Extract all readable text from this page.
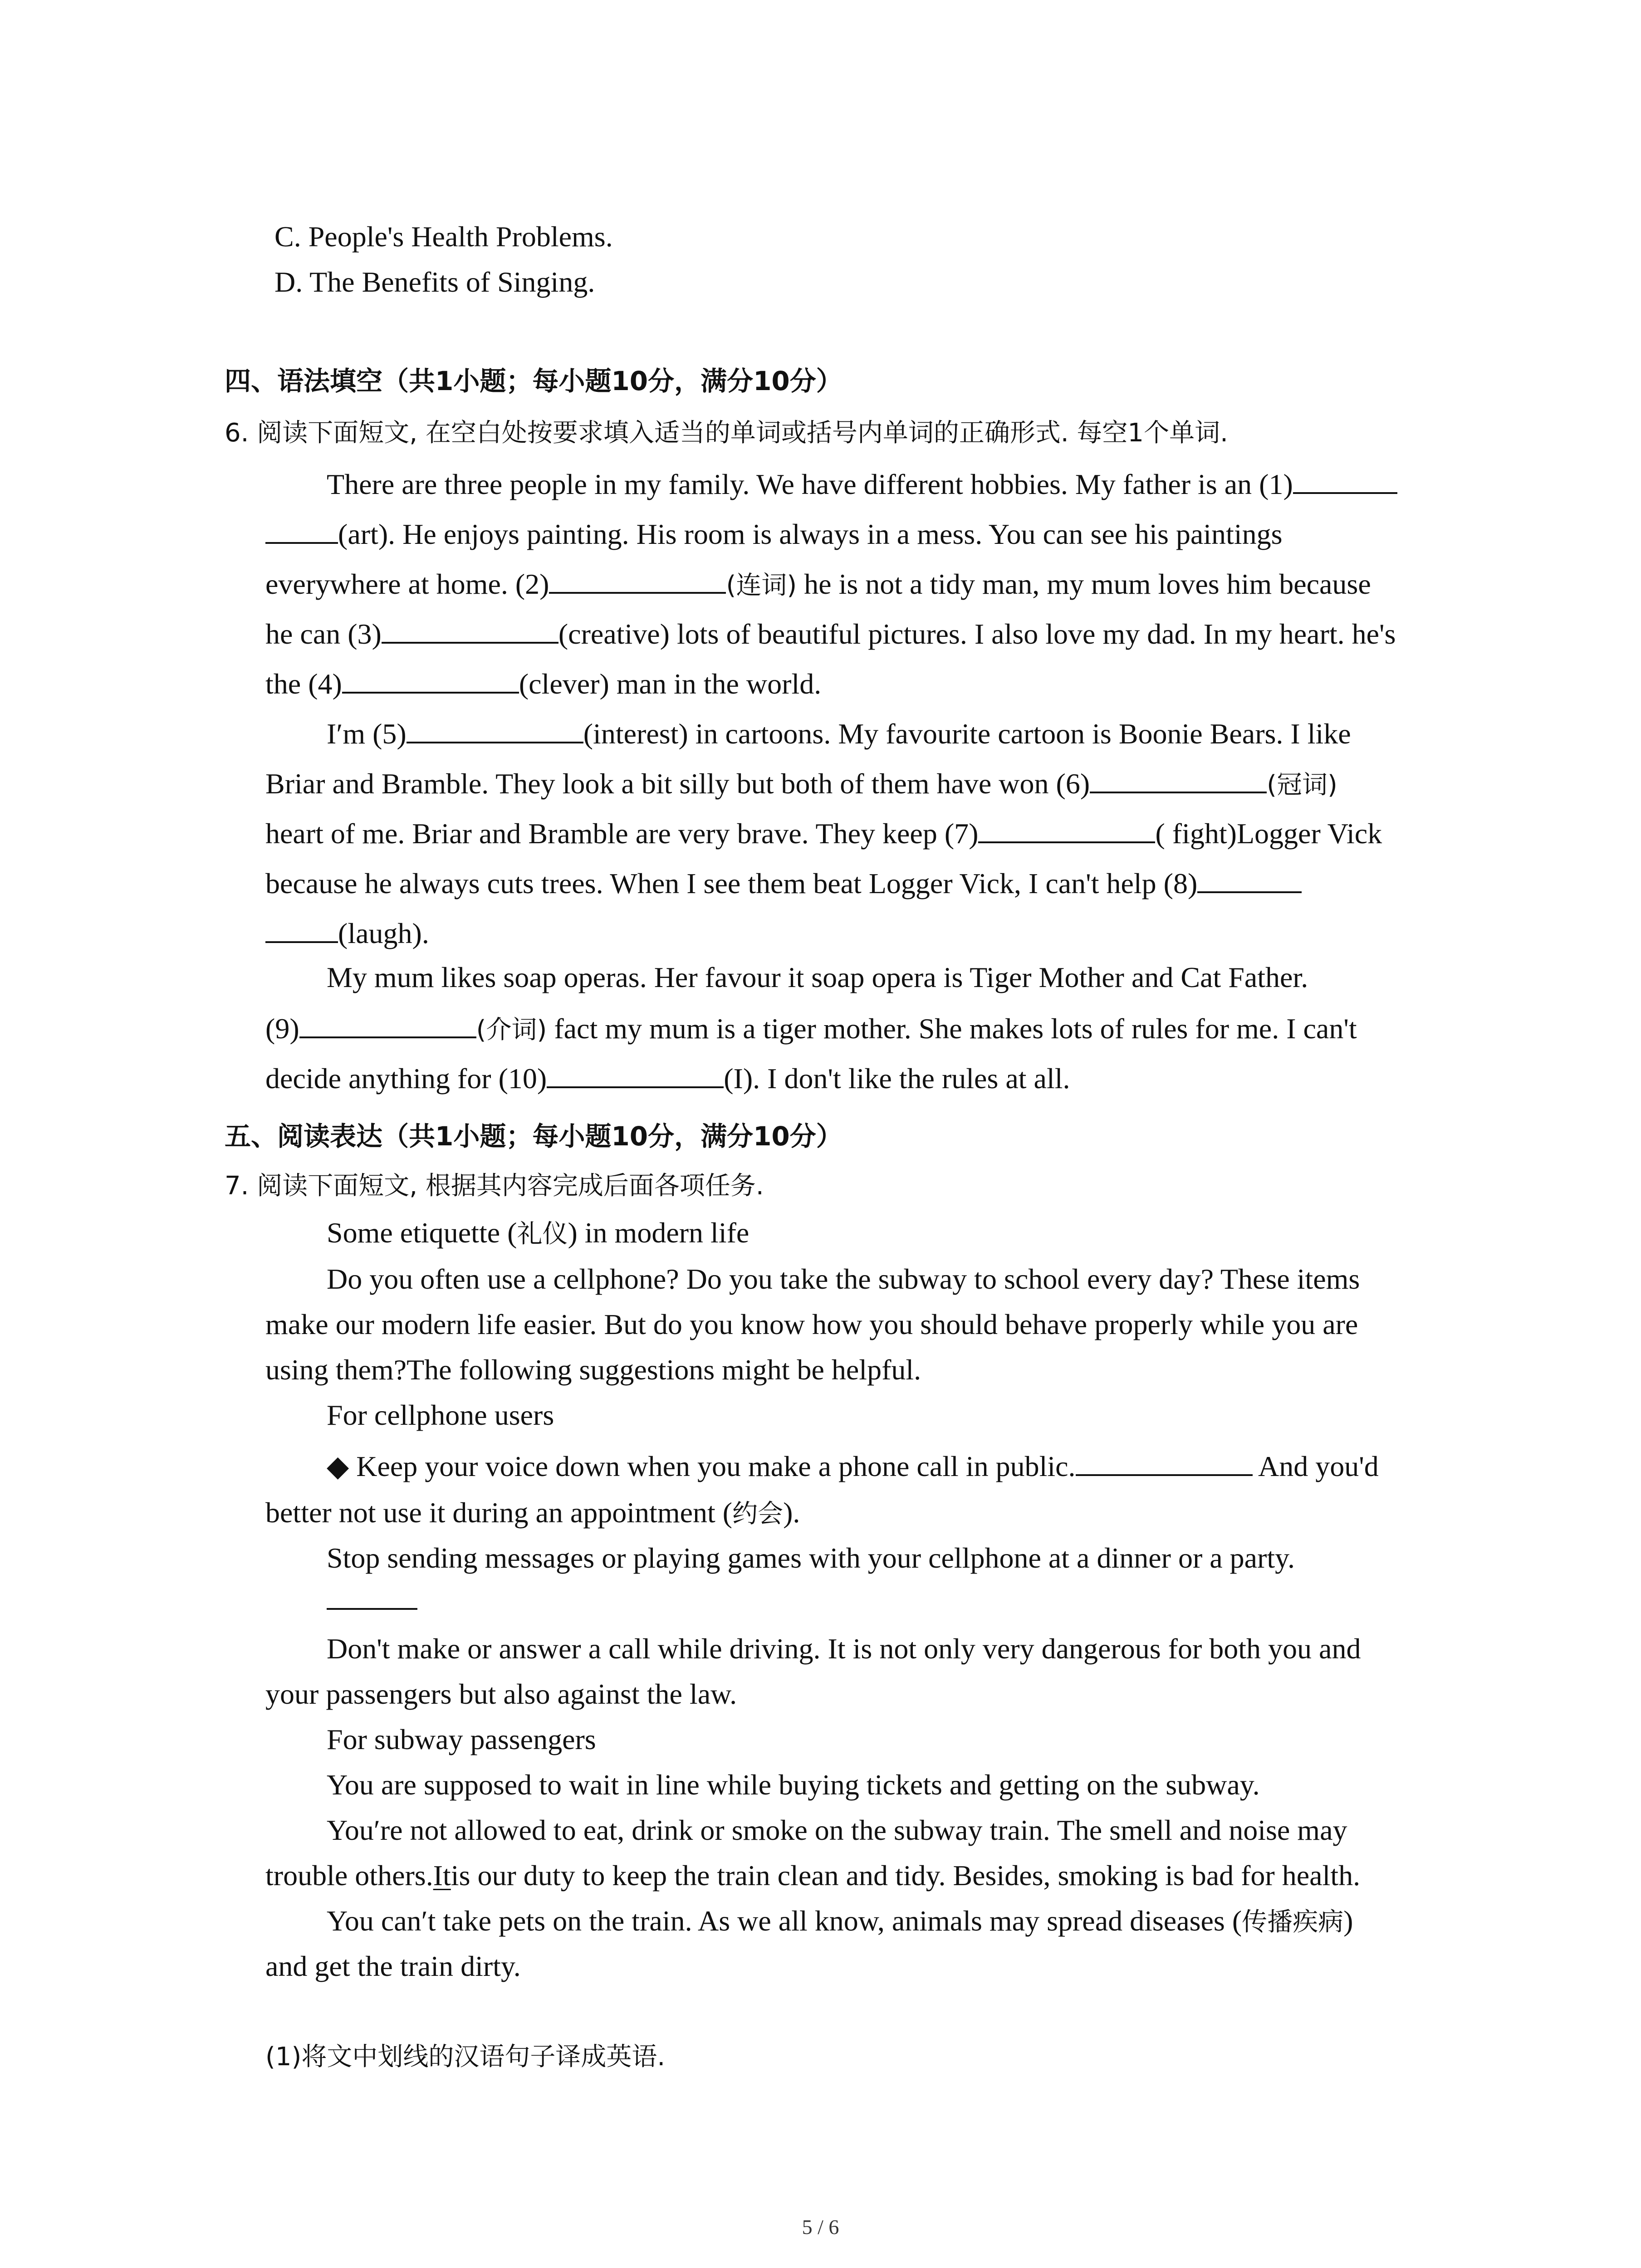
C. People's Health Problems.
D. The Benefits of Singing.
四、语法填空（共1小题；每小题10分，满分10分）
6. 阅读下面短文, 在空白处按要求填入适当的单词或括号内单词的正确形式. 每空1个单词.
There are three people in my family. We have different hobbies. My father is an (1)
(art). He enjoys painting. His room is always in a mess. You can see his paintings
everywhere at home. (2)	(连词) he is not a tidy man, my mum loves him because
he can (3)	(creative) lots of beautiful pictures. I also love my dad. In my heart. he's
the (4)	(clever) man in the world.
I′m (5)	(interest) in cartoons. My favourite cartoon is Boonie Bears. I like
Briar and Bramble. They look a bit silly but both of them have won (6)	(冠词)
heart of me. Briar and Bramble are very brave. They keep (7)	( fight)Logger Vick
because he always cuts trees. When I see them beat Logger Vick, I can't help (8)
(laugh).
My mum likes soap operas. Her favour it soap opera is Tiger Mother and Cat Father.
(9)	(介词) fact my mum is a tiger mother. She makes lots of rules for me. I can't
decide anything for (10)	(I). I don't like the rules at all.
五、阅读表达（共1小题；每小题10分，满分10分）
7. 阅读下面短文, 根据其内容完成后面各项任务.
Some etiquette (礼仪) in modern life
Do you often use a cellphone? Do you take the subway to school every day? These items
make our modern life easier. But do you know how you should behave properly while you are
using them?The following suggestions might be helpful.
For cellphone users
◆ Keep your voice down when you make a phone call in public.	And you'd
better not use it during an appointment (约会).
Stop sending messages or playing games with your cellphone at a dinner or a party.
Don't make or answer a call while driving. It is not only very dangerous for both you and
your passengers but also against the law.
For subway passengers
You are supposed to wait in line while buying tickets and getting on the subway.
You′re not allowed to eat, drink or smoke on the subway train. The smell and noise may
trouble others.Itis our duty to keep the train clean and tidy. Besides, smoking is bad for health.
You can′t take pets on the train. As we all know, animals may spread diseases (传播疾病)
and get the train dirty.
(1)将文中划线的汉语句子译成英语.
5 / 6
